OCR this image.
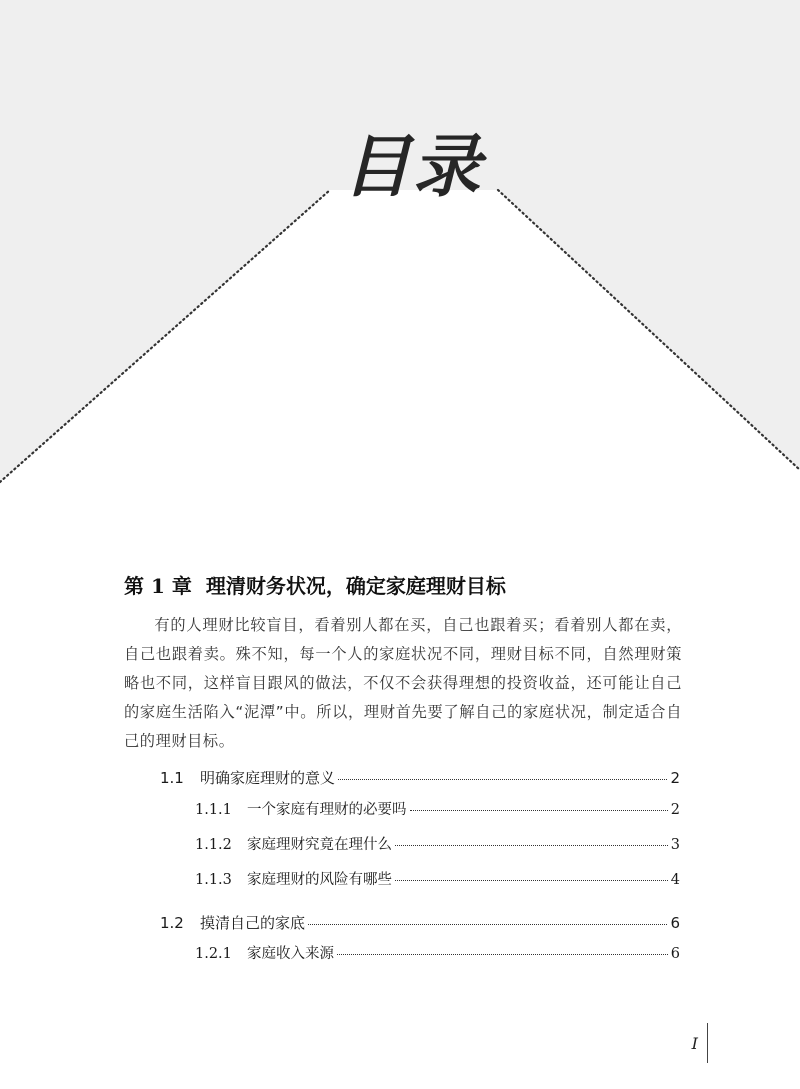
目录
第 1 章 理清财务状况，确定家庭理财目标

有的人理财比较盲目，看着别人都在买，自己也跟着买；看着别人都在卖，自己也跟着卖。殊不知，每一个人的家庭状况不同，理财目标不同，自然理财策略也不同，这样盲目跟风的做法，不仅不会获得理想的投资收益，还可能让自己的家庭生活陷入“泥潭”中。所以，理财首先要了解自己的家庭状况，制定适合自己的理财目标。

1.1	明确家庭理财的意义	2
1.1.1	一个家庭有理财的必要吗	2
1.1.2	家庭理财究竟在理什么	3
1.1.3	家庭理财的风险有哪些	4
1.2	摸清自己的家底	6
1.2.1	家庭收入来源	6
I
